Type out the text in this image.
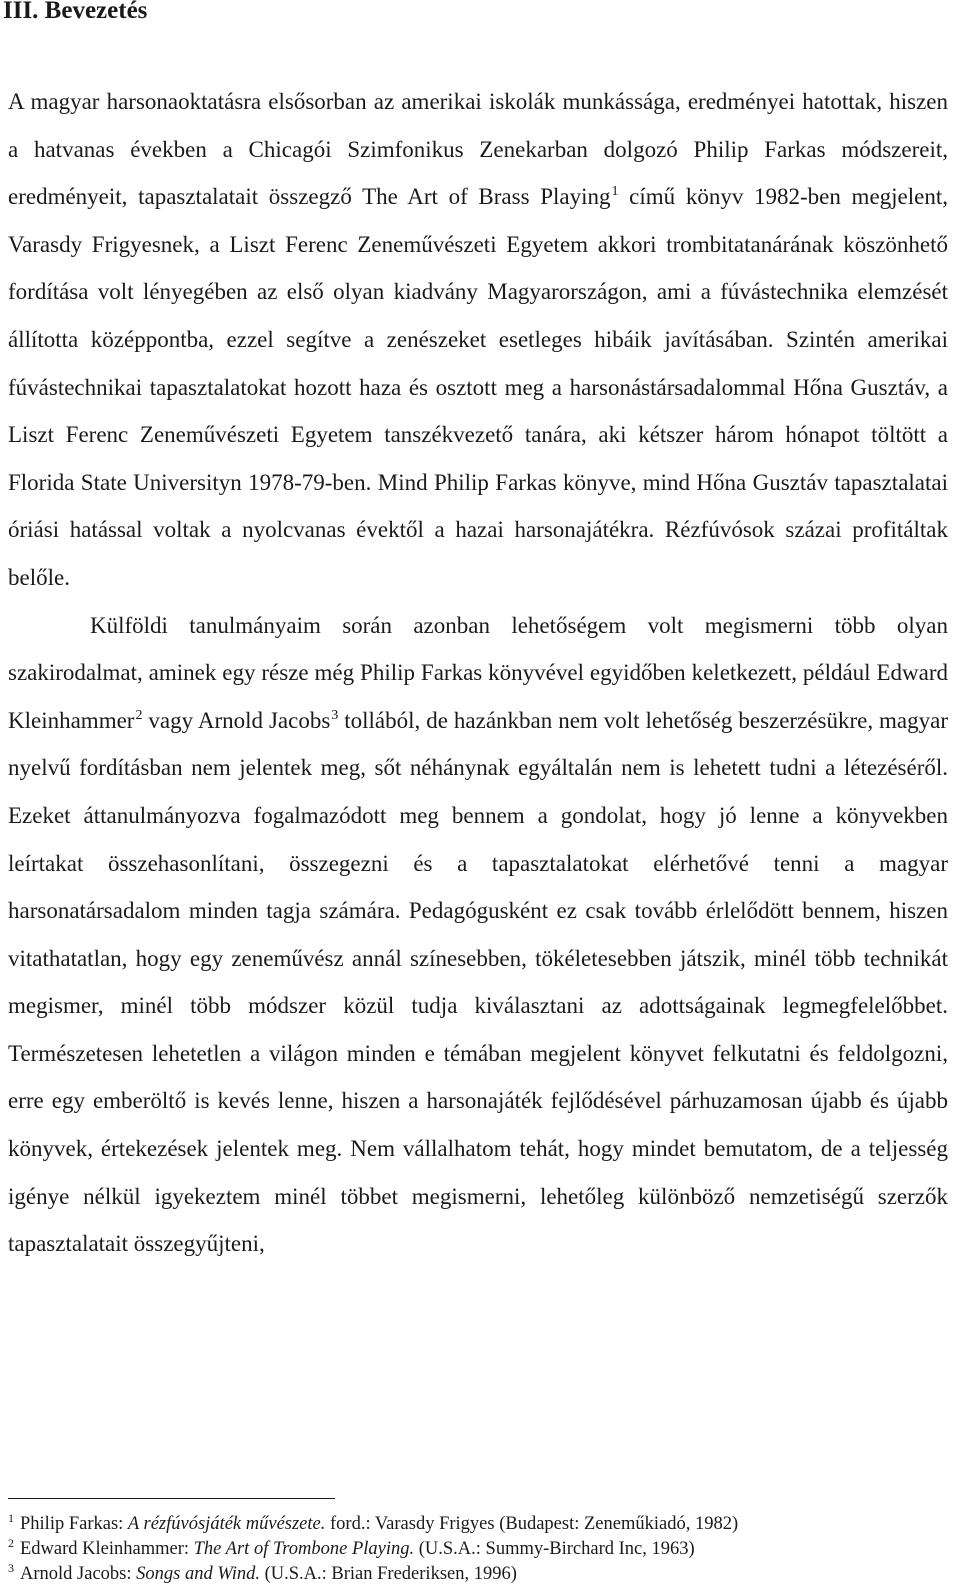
III. Bevezetés

A magyar harsonaoktatásra elsősorban az amerikai iskolák munkássága, eredményei hatottak, hiszen a hatvanas években a Chicagói Szimfonikus Zenekarban dolgozó Philip Farkas módszereit, eredményeit, tapasztalatait összegző The Art of Brass Playing$^1$ című könyv 1982-ben megjelent, Varasdy Frigyesnek, a Liszt Ferenc Zeneművészeti Egyetem akkori trombitatanárának köszönhető fordítása volt lényegében az első olyan kiadvány Magyarországon, ami a fúvástechnika elemzését állította középpontba, ezzel segítve a zenészeket esetleges hibáik javításában. Szintén amerikai fúvástechnikai tapasztalatokat hozott haza és osztott meg a harsonástársadalommal Hőna Gusztáv, a Liszt Ferenc Zeneművészeti Egyetem tanszékvezető tanára, aki kétszer három hónapot töltött a Florida State Universityn 1978-79-ben. Mind Philip Farkas könyve, mind Hőna Gusztáv tapasztalatai óriási hatással voltak a nyolcvanas évektől a hazai harsonajátékra. Rézfúvósok százai profitáltak belőle.

Külföldi tanulmányaim során azonban lehetőségem volt megismerni több olyan szakirodalmat, aminek egy része még Philip Farkas könyvével egyidőben keletkezett, például Edward Kleinhammer$^2$ vagy Arnold Jacobs$^3$ tollából, de hazánkban nem volt lehetőség beszerzésükre, magyar nyelvű fordításban nem jelentek meg, sőt néhánynak egyáltalán nem is lehetett tudni a létezéséről. Ezeket áttanulmányozva fogalmazódott meg bennem a gondolat, hogy jó lenne a könyvekben leírtakat összehasonlítani, összegezni és a tapasztalatokat elérhetővé tenni a magyar harsonatársadalom minden tagja számára. Pedagógusként ez csak tovább érlelődött bennem, hiszen vitathatatlan, hogy egy zeneművész annál színesebben, tökéletesebben játszik, minél több technikát megismer, minél több módszer közül tudja kiválasztani az adottságainak legmegfelelőbbet. Természetesen lehetetlen a világon minden e témában megjelent könyvet felkutatni és feldolgozni, erre egy emberöltő is kevés lenne, hiszen a harsonajáték fejlődésével párhuzamosan újabb és újabb könyvek, értekezések jelentek meg. Nem vállalhatom tehát, hogy mindet bemutatom, de a teljesség igénye nélkül igyekeztem minél többet megismerni, lehetőleg különböző nemzetiségű szerzők tapasztalatait összegyűjteni,

$^1$ Philip Farkas: A rézfúvósjáték művészete. ford.: Varasdy Frigyes (Budapest: Zeneműkiadó, 1982)
$^2$ Edward Kleinhammer: The Art of Trombone Playing. (U.S.A.: Summy-Birchard Inc, 1963)
$^3$ Arnold Jacobs: Songs and Wind. (U.S.A.: Brian Frederiksen, 1996)
